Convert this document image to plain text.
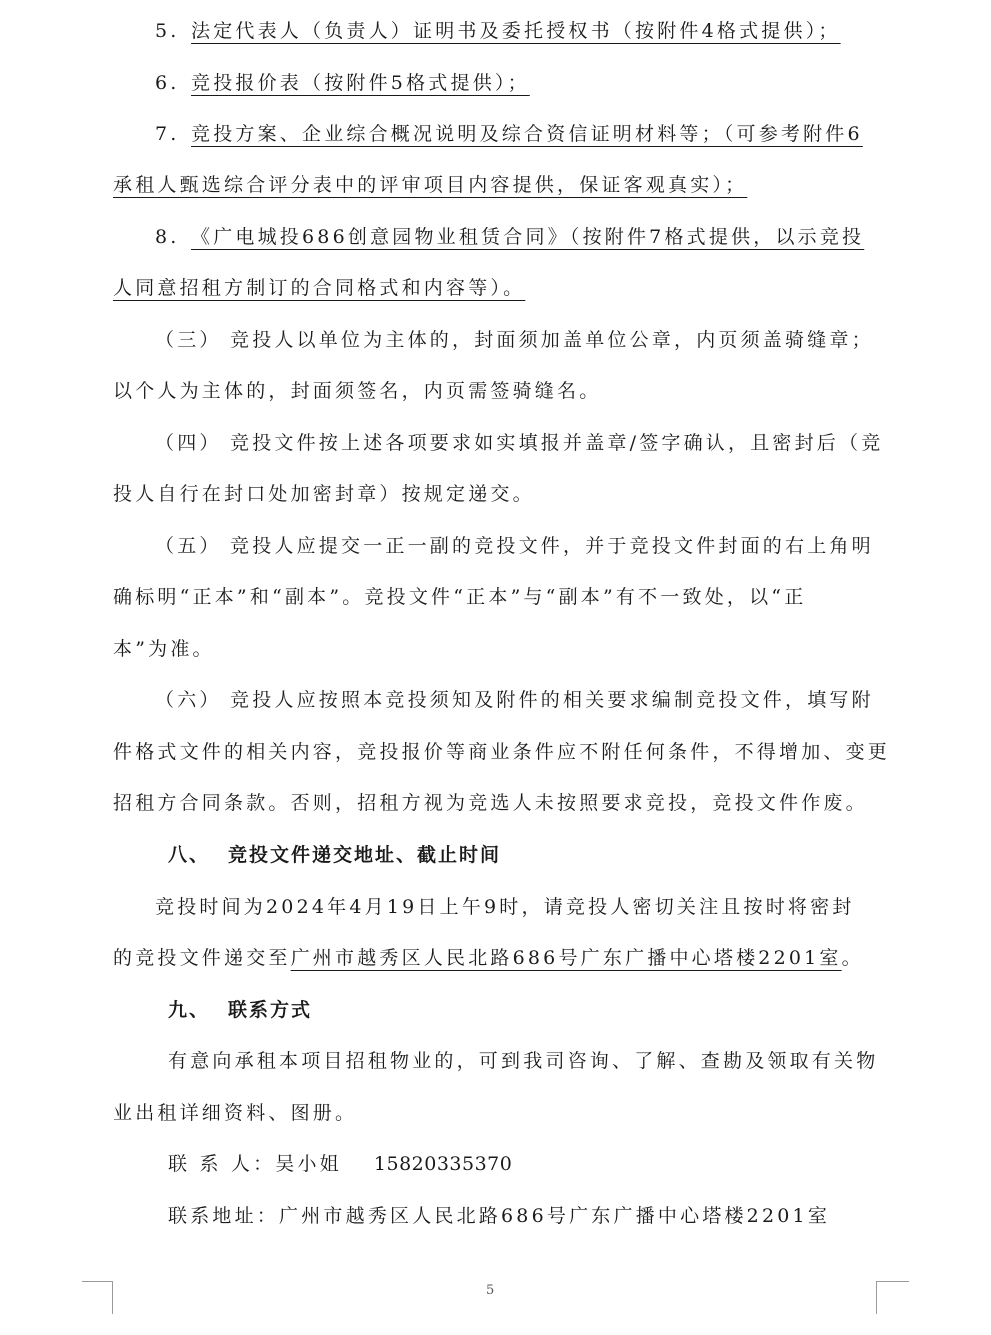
5. 法定代表人（负责人）证明书及委托授权书（按附件4格式提供）；
6. 竞投报价表（按附件5格式提供）；
7. 竞投方案、企业综合概况说明及综合资信证明材料等；（可参考附件6
承租人甄选综合评分表中的评审项目内容提供，保证客观真实）；
8. 《广电城投686创意园物业租赁合同》（按附件7格式提供，以示竞投
人同意招租方制订的合同格式和内容等）。
（三） 竞投人以单位为主体的，封面须加盖单位公章，内页须盖骑缝章；
以个人为主体的，封面须签名，内页需签骑缝名。
（四） 竞投文件按上述各项要求如实填报并盖章/签字确认，且密封后（竞
投人自行在封口处加密封章）按规定递交。
（五） 竞投人应提交一正一副的竞投文件，并于竞投文件封面的右上角明
确标明“正本”和“副本”。竞投文件“正本”与“副本”有不一致处，以“正
本”为准。
（六） 竞投人应按照本竞投须知及附件的相关要求编制竞投文件，填写附
件格式文件的相关内容，竞投报价等商业条件应不附任何条件，不得增加、变更
招租方合同条款。否则，招租方视为竞选人未按照要求竞投，竞投文件作废。
八、 竞投文件递交地址、截止时间
竞投时间为2024年4月19日上午9时，请竞投人密切关注且按时将密封
的竞投文件递交至广州市越秀区人民北路686号广东广播中心塔楼2201室。
九、 联系方式
有意向承租本项目招租物业的，可到我司咨询、了解、查勘及领取有关物
业出租详细资料、图册。
联 系 人：吴小姐 15820335370
联系地址：广州市越秀区人民北路686号广东广播中心塔楼2201室
5
